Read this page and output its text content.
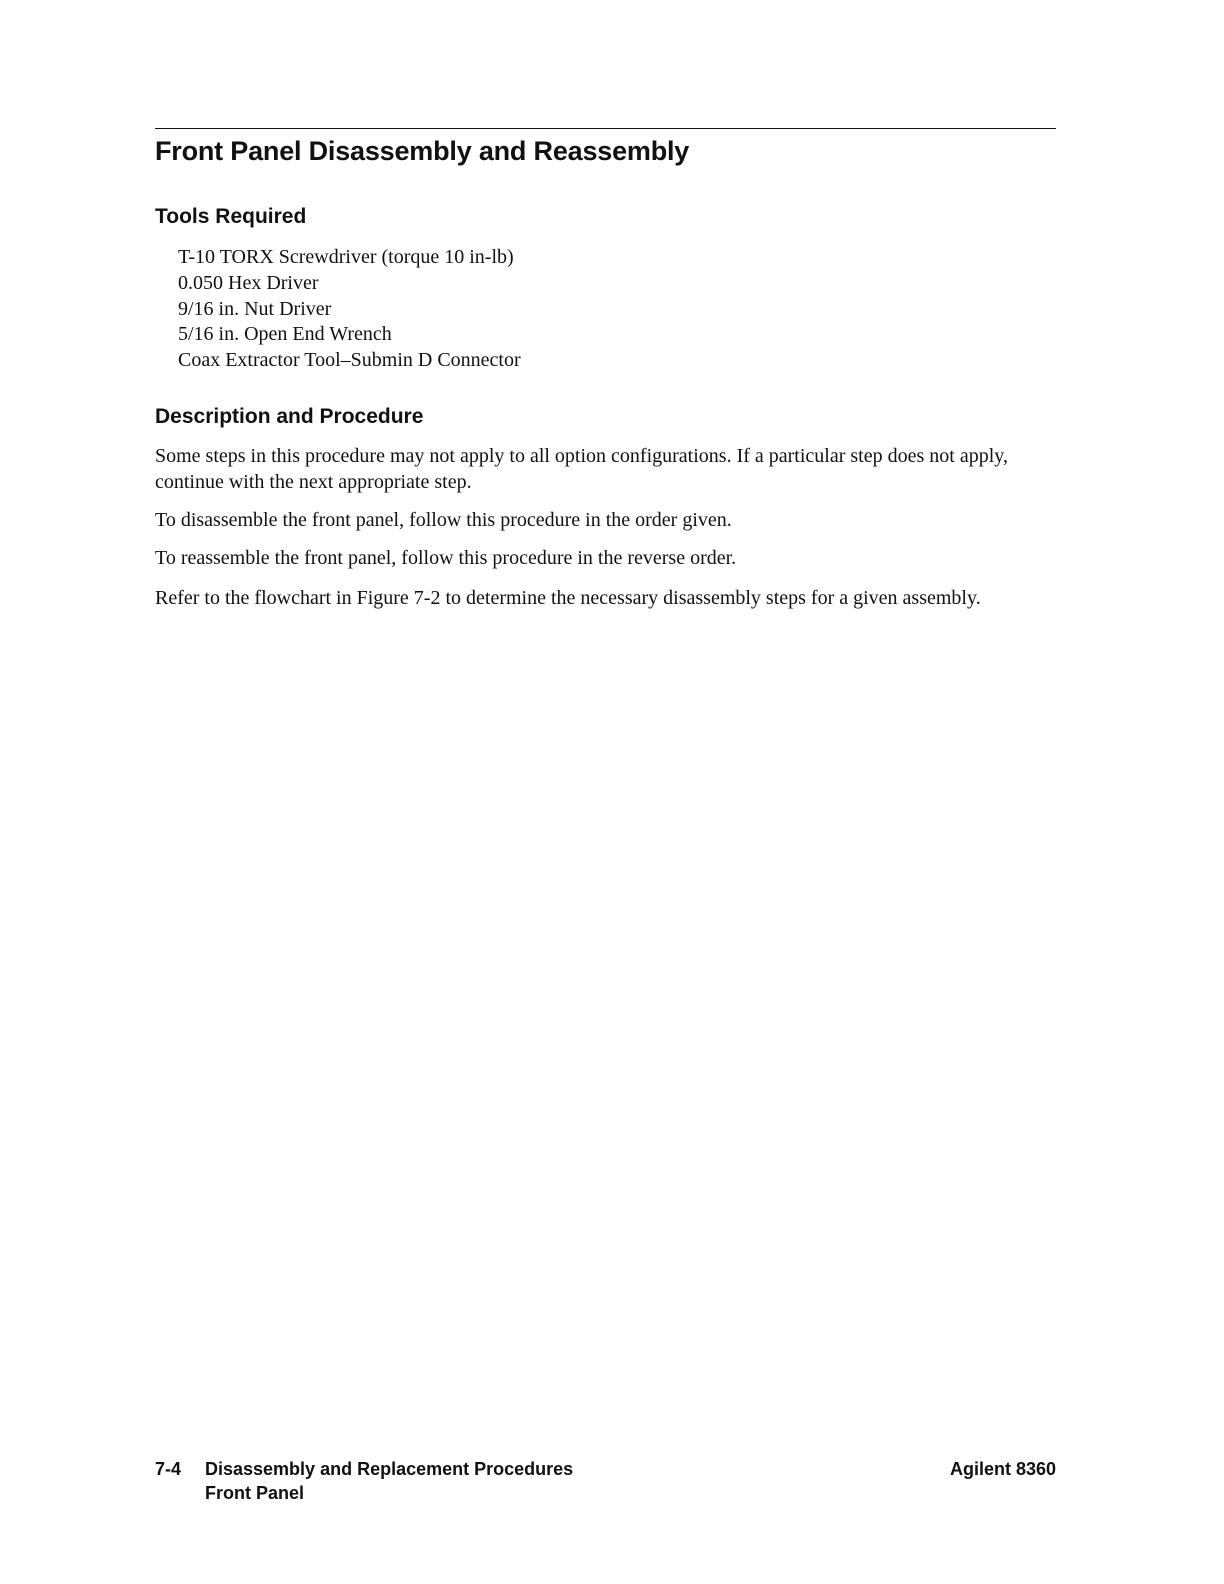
Front Panel Disassembly and Reassembly
Tools Required
T-10 TORX Screwdriver (torque 10 in-lb)
0.050 Hex Driver
9/16 in. Nut Driver
5/16 in. Open End Wrench
Coax Extractor Tool–Submin D Connector
Description and Procedure

Some steps in this procedure may not apply to all option configurations. If a particular step does not apply, continue with the next appropriate step.

To disassemble the front panel, follow this procedure in the order given.

To reassemble the front panel, follow this procedure in the reverse order.

Refer to the flowchart in Figure 7-2 to determine the necessary disassembly steps for a given assembly.

7-4 Disassembly and Replacement Procedures
Front Panel
Agilent 8360
